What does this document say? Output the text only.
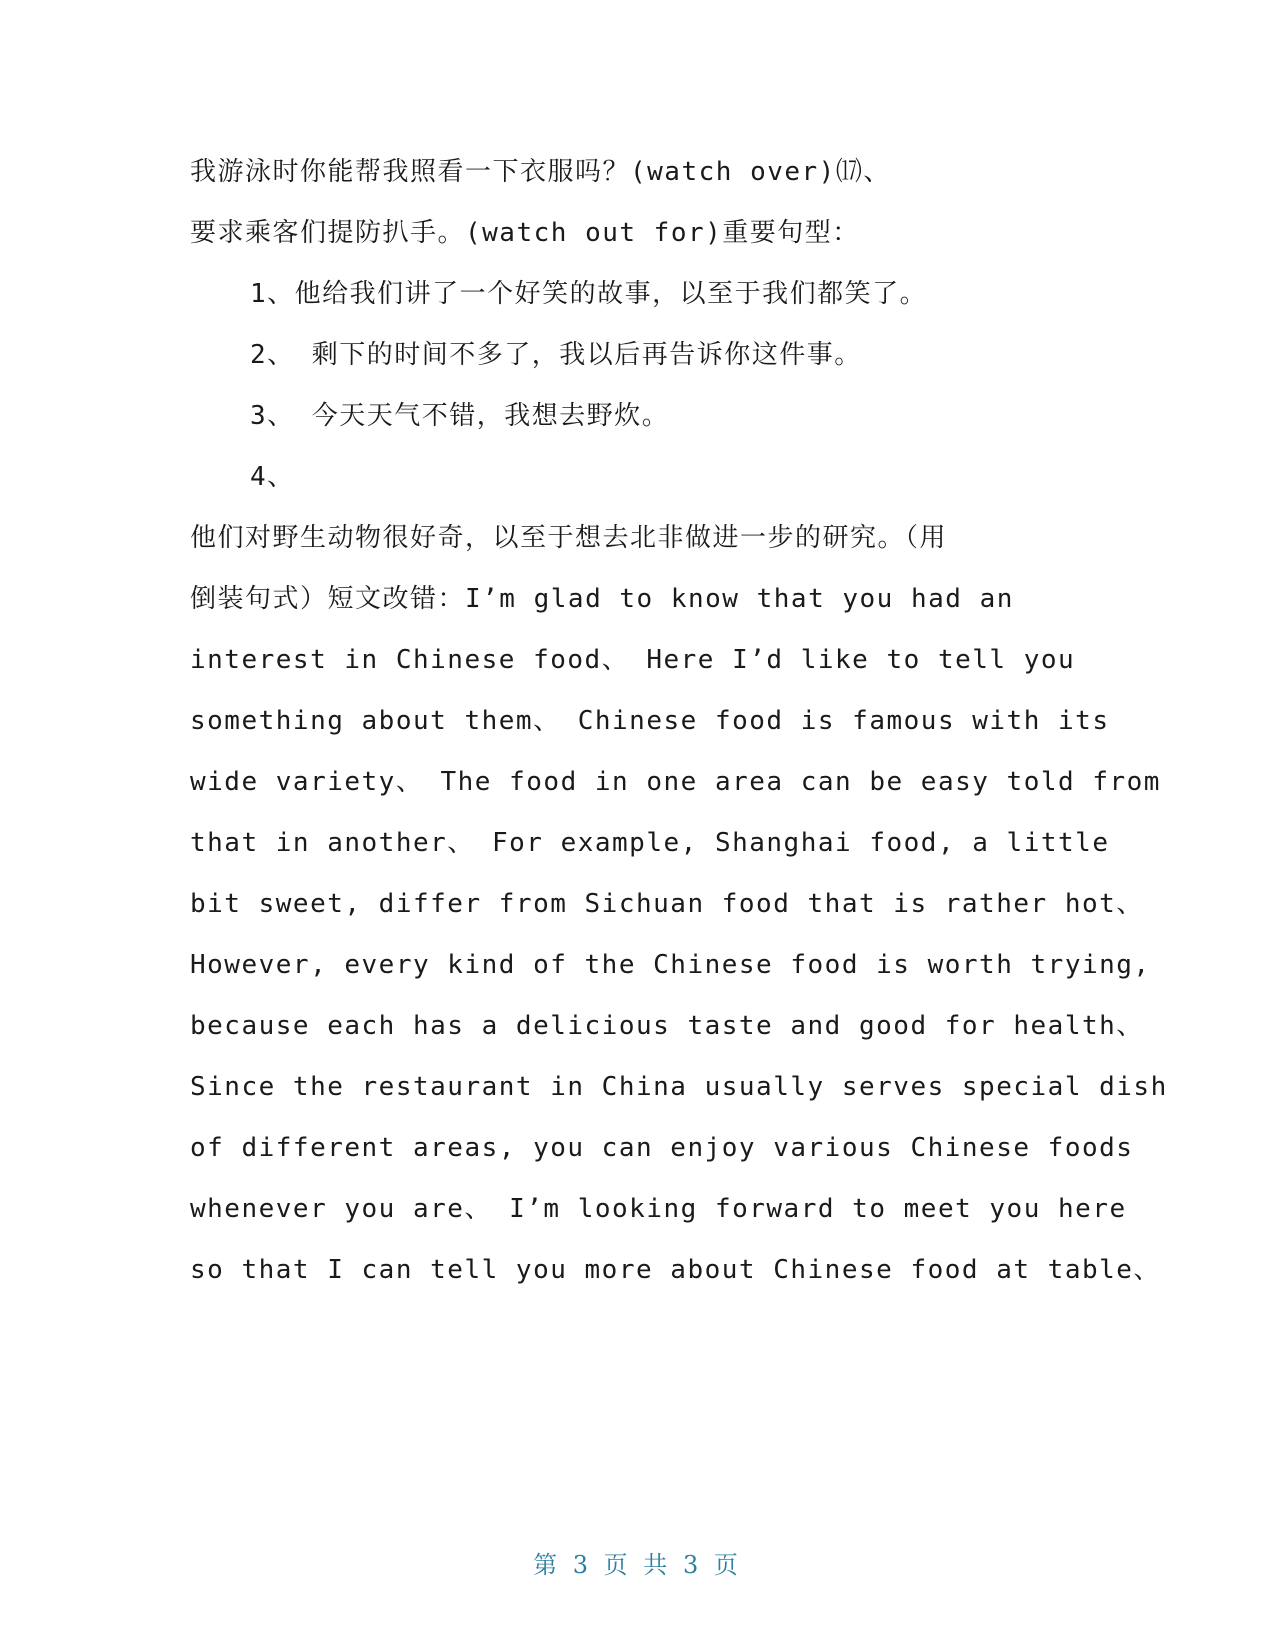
我游泳时你能帮我照看一下衣服吗？(watch over)⒄、
要求乘客们提防扒手。(watch out for)重要句型：
1、他给我们讲了一个好笑的故事，以至于我们都笑了。
2、 剩下的时间不多了，我以后再告诉你这件事。
3、 今天天气不错，我想去野炊。
4、
他们对野生动物很好奇，以至于想去北非做进一步的研究。（用
倒装句式）短文改错：I’m glad to know that you had an
interest in Chinese food、 Here I’d like to tell you
something about them、 Chinese food is famous with its
wide variety、 The food in one area can be easy told from
that in another、 For example, Shanghai food, a little
bit sweet, differ from Sichuan food that is rather hot、
However, every kind of the Chinese food is worth trying,
because each has a delicious taste and good for health、
Since the restaurant in China usually serves special dish
of different areas, you can enjoy various Chinese foods
whenever you are、 I’m looking forward to meet you here
so that I can tell you more about Chinese food at table、
第 3 页 共 3 页
